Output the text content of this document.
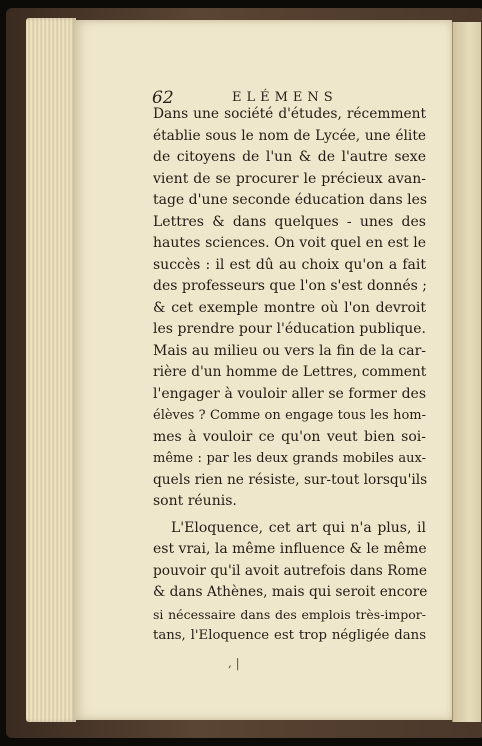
62	ELÉMENS
Dans une société d'études, récemment
établie sous le nom de Lycée, une élite
de citoyens de l'un & de l'autre sexe
vient de se procurer le précieux avan-
tage d'une seconde éducation dans les
Lettres & dans quelques - unes des
hautes sciences. On voit quel en est le
succès : il est dû au choix qu'on a fait
des professeurs que l'on s'est donnés ;
& cet exemple montre où l'on devroit
les prendre pour l'éducation publique.
Mais au milieu ou vers la fin de la car-
rière d'un homme de Lettres, comment
l'engager à vouloir aller se former des
élèves ? Comme on engage tous les hom-
mes à vouloir ce qu'on veut bien soi-
même : par les deux grands mobiles aux-
quels rien ne résiste, sur-tout lorsqu'ils
sont réunis.
L'Eloquence, cet art qui n'a plus, il
est vrai, la même influence & le même
pouvoir qu'il avoit autrefois dans Rome
& dans Athènes, mais qui seroit encore
si nécessaire dans des emplois très-impor-
tans, l'Eloquence est trop négligée dans
, |
